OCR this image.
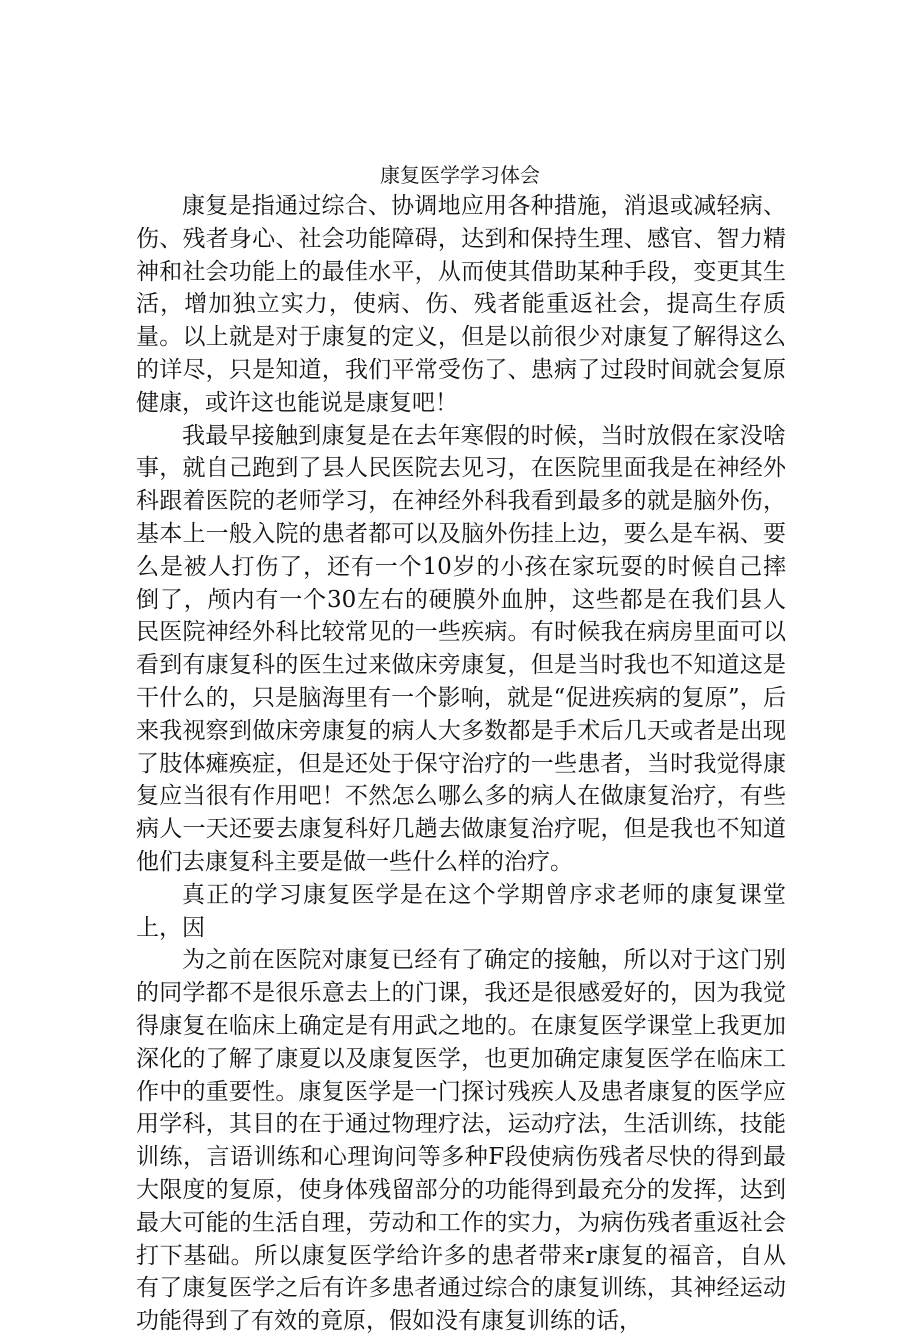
康复医学学习体会

康复是指通过综合、协调地应用各种措施，消退或减轻病、伤、残者身心、社会功能障碍，达到和保持生理、感官、智力精神和社会功能上的最佳水平，从而使其借助某种手段，变更其生活，增加独立实力，使病、伤、残者能重返社会，提高生存质量。以上就是对于康复的定义，但是以前很少对康复了解得这么的详尽，只是知道，我们平常受伤了、患病了过段时间就会复原健康，或许这也能说是康复吧！

我最早接触到康复是在去年寒假的时候，当时放假在家没啥事，就自己跑到了县人民医院去见习，在医院里面我是在神经外科跟着医院的老师学习，在神经外科我看到最多的就是脑外伤，基本上一般入院的患者都可以及脑外伤挂上边，要么是车祸、要么是被人打伤了，还有一个10岁的小孩在家玩耍的时候自己摔倒了，颅内有一个30左右的硬膜外血肿，这些都是在我们县人民医院神经外科比较常见的一些疾病。有时候我在病房里面可以看到有康复科的医生过来做床旁康复，但是当时我也不知道这是干什么的，只是脑海里有一个影响，就是“促进疾病的复原”，后来我视察到做床旁康复的病人大多数都是手术后几天或者是出现了肢体瘫痪症，但是还处于保守治疗的一些患者，当时我觉得康复应当很有作用吧！不然怎么哪么多的病人在做康复治疗，有些病人一天还要去康复科好几趟去做康复治疗呢，但是我也不知道他们去康复科主要是做一些什么样的治疗。

真正的学习康复医学是在这个学期曾序求老师的康复课堂上，因

为之前在医院对康复已经有了确定的接触，所以对于这门别的同学都不是很乐意去上的门课，我还是很感爱好的，因为我觉得康复在临床上确定是有用武之地的。在康复医学课堂上我更加深化的了解了康夏以及康复医学，也更加确定康复医学在临床工作中的重要性。康复医学是一门探讨残疾人及患者康复的医学应用学科，其目的在于通过物理疗法，运动疗法，生活训练，技能训练，言语训练和心理询问等多种F段使病伤残者尽快的得到最大限度的复原，使身体残留部分的功能得到最充分的发挥，达到最大可能的生活自理，劳动和工作的实力，为病伤残者重返社会打下基础。所以康复医学给许多的患者带来r康复的福音，自从有了康复医学之后有许多患者通过综合的康复训练，其神经运动功能得到了有效的竟原，假如没有康复训练的话，
